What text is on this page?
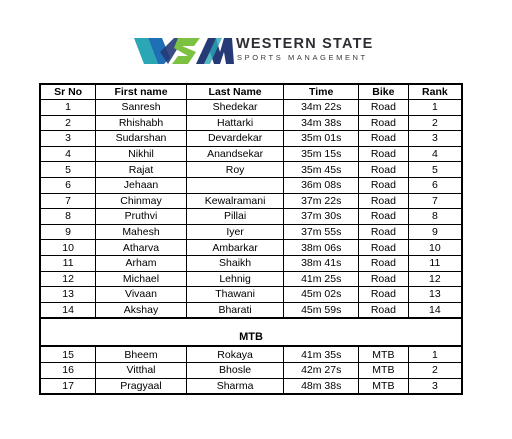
WESTERN STATE
SPORTS MANAGEMENT
Sr No	First name	Last Name	Time	Bike	Rank
1	Sanresh	Shedekar	34m 22s	Road	1
2	Rhishabh	Hattarki	34m 38s	Road	2
3	Sudarshan	Devardekar	35m 01s	Road	3
4	Nikhil	Anandsekar	35m 15s	Road	4
5	Rajat	Roy	35m 45s	Road	5
6	Jehaan		36m 08s	Road	6
7	Chinmay	Kewalramani	37m 22s	Road	7
8	Pruthvi	Pillai	37m 30s	Road	8
9	Mahesh	Iyer	37m 55s	Road	9
10	Atharva	Ambarkar	38m 06s	Road	10
11	Arham	Shaikh	38m 41s	Road	11
12	Michael	Lehnig	41m 25s	Road	12
13	Vivaan	Thawani	45m 02s	Road	13
14	Akshay	Bharati	45m 59s	Road	14

MTB					
15	Bheem	Rokaya	41m 35s	MTB	1
16	Vitthal	Bhosle	42m 27s	MTB	2
17	Pragyaal	Sharma	48m 38s	MTB	3
